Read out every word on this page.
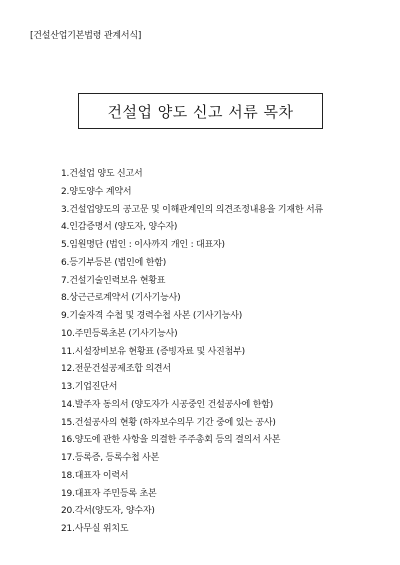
[건설산업기본법령 관계서식]
건설업 양도 신고 서류 목차
1 . 건설업 양도 신고서
2 . 양도양수 계약서
3 . 건설업양도의 공고문 및 이해관계인의 의견조정내용을 기재한 서류
4 . 인감증명서 (양도자, 양수자)
5 . 임원명단 (법인 : 이사까지 개인 : 대표자)
6 . 등기부등본 (법인에 한함)
7 . 건설기술인력보유 현황표
8 . 상근근로계약서 (기사기능사)
9 . 기술자격 수첩 및 경력수첩 사본 (기사기능사)
10 . 주민등록초본 (기사기능사)
11 . 시설장비보유 현황표 (증빙자료 및 사진첨부)
12 . 전문건설공제조합 의견서
13 . 기업진단서
14 . 발주자 동의서 (양도자가 시공중인 건설공사에 한함)
15 . 건설공사의 현황 (하자보수의무 기간 중에 있는 공사)
16 . 양도에 관한 사항을 의결한 주주총회 등의 결의서 사본
17 . 등록증, 등록수첩 사본
18 . 대표자 이력서
19 . 대표자 주민등록 초본
20 . 각서(양도자, 양수자)
21 . 사무실 위치도
